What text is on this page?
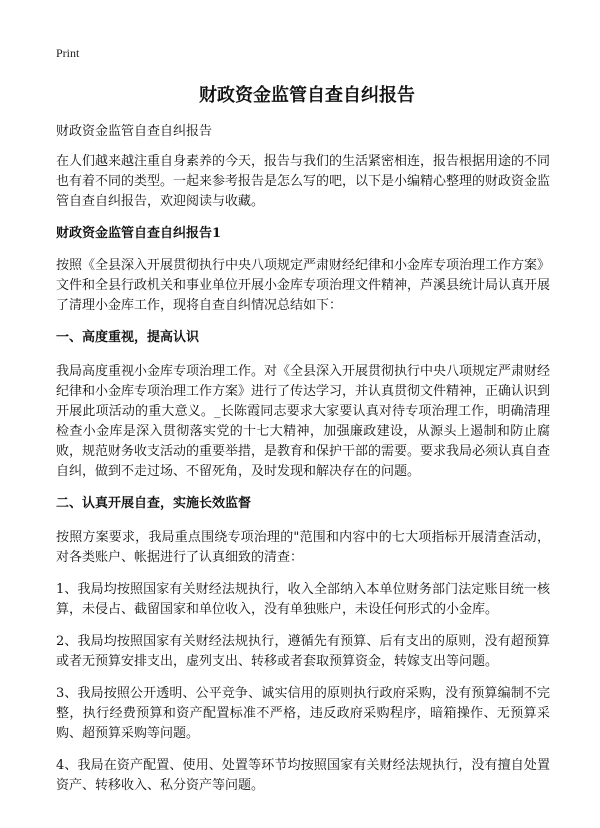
Print
财政资金监管自查自纠报告
财政资金监管自查自纠报告

在人们越来越注重自身素养的今天，报告与我们的生活紧密相连，报告根据用途的不同也有着不同的类型。一起来参考报告是怎么写的吧，以下是小编精心整理的财政资金监管自查自纠报告，欢迎阅读与收藏。

财政资金监管自查自纠报告1

按照《全县深入开展贯彻执行中央八项规定严肃财经纪律和小金库专项治理工作方案》文件和全县行政机关和事业单位开展小金库专项治理文件精神，芦溪县统计局认真开展了清理小金库工作，现将自查自纠情况总结如下：

一、高度重视，提高认识

我局高度重视小金库专项治理工作。对《全县深入开展贯彻执行中央八项规定严肃财经纪律和小金库专项治理工作方案》进行了传达学习，并认真贯彻文件精神，正确认识到开展此项活动的重大意义。_长陈霞同志要求大家要认真对待专项治理工作，明确清理检查小金库是深入贯彻落实党的十七大精神，加强廉政建设，从源头上遏制和防止腐败，规范财务收支活动的重要举措，是教育和保护干部的需要。要求我局必须认真自查自纠，做到不走过场、不留死角，及时发现和解决存在的问题。

二、认真开展自查，实施长效监督

按照方案要求，我局重点围绕专项治理的"范围和内容中的七大项指标开展清查活动，对各类账户、帐据进行了认真细致的清查：

1、我局均按照国家有关财经法规执行，收入全部纳入本单位财务部门法定账目统一核算，未侵占、截留国家和单位收入，没有单独账户，未设任何形式的小金库。

2、我局均按照国家有关财经法规执行，遵循先有预算、后有支出的原则，没有超预算或者无预算安排支出，虚列支出、转移或者套取预算资金，转嫁支出等问题。

3、我局按照公开透明、公平竞争、诚实信用的原则执行政府采购，没有预算编制不完整，执行经费预算和资产配置标准不严格，违反政府采购程序，暗箱操作、无预算采购、超预算采购等问题。

4、我局在资产配置、使用、处置等环节均按照国家有关财经法规执行，没有擅自处置资产、转移收入、私分资产等问题。
